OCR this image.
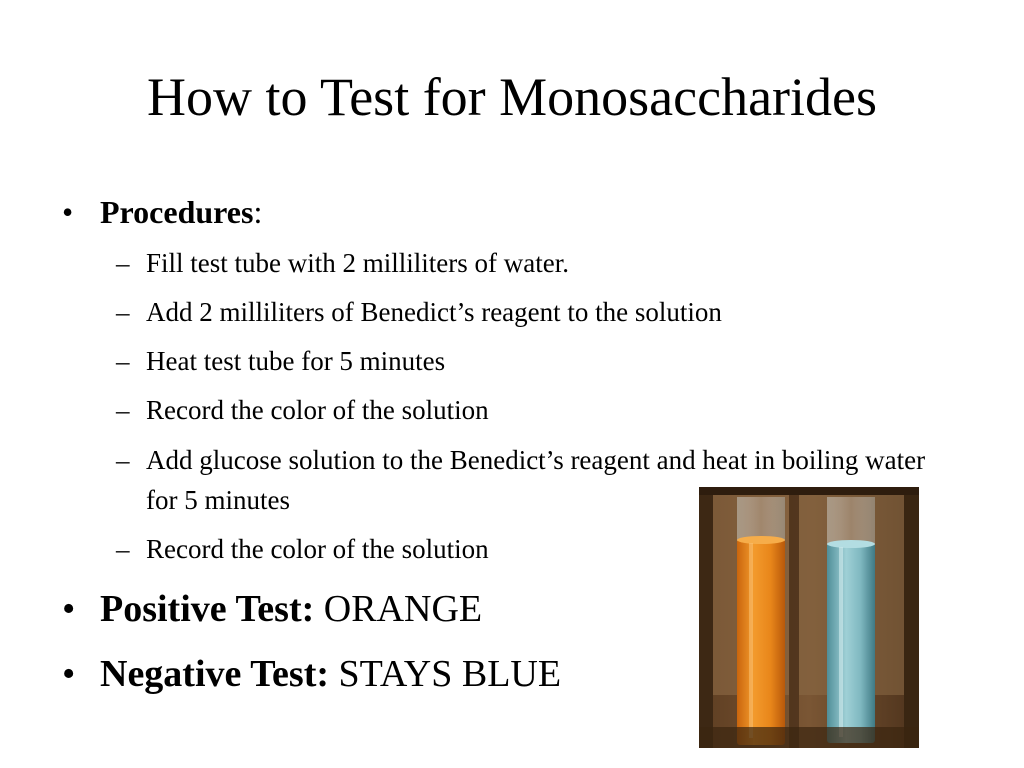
How to Test for Monosaccharides
• Procedures:
– Fill test tube with 2 milliliters of water.
– Add 2 milliliters of Benedict’s reagent to the solution
– Heat test tube for 5 minutes
– Record the color of the solution
– Add glucose solution to the Benedict’s reagent and heat in boiling water for 5 minutes
– Record the color of the solution
• Positive Test: ORANGE
• Negative Test: STAYS BLUE
